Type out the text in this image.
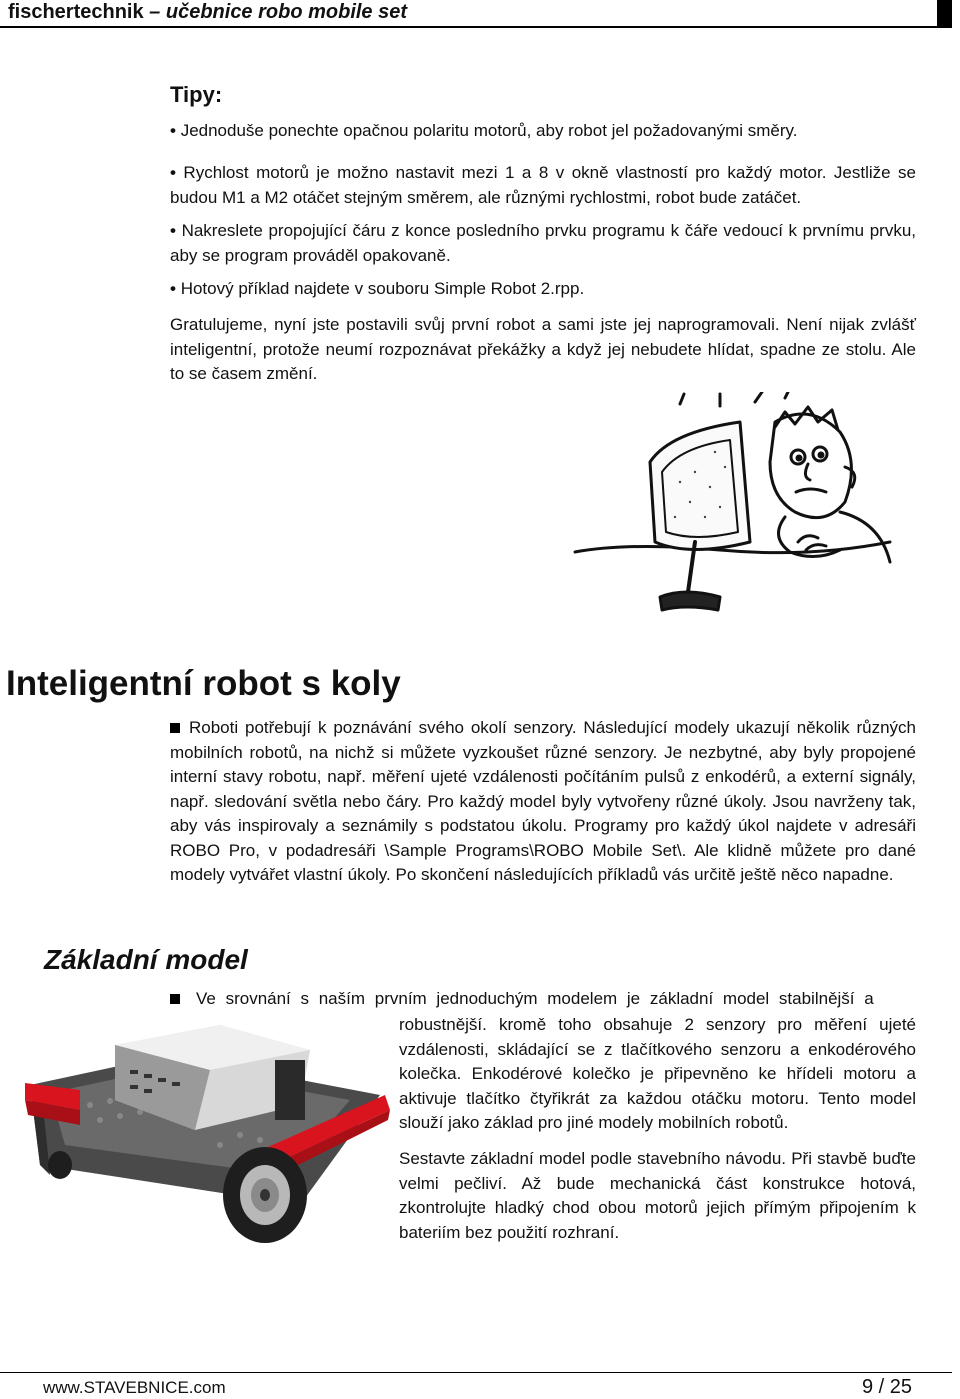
fischertechnik – učebnice robo mobile set
Tipy:
• Jednoduše ponechte opačnou polaritu motorů, aby robot jel požadovanými směry.
• Rychlost motorů je možno nastavit mezi 1 a 8 v okně vlastností pro každý motor. Jestliže se budou M1 a M2 otáčet stejným směrem, ale různými rychlostmi, robot bude zatáčet.
• Nakreslete propojující čáru z konce posledního prvku programu k čáře vedoucí k prvnímu prvku, aby se program prováděl opakovaně.
• Hotový příklad najdete v souboru Simple Robot 2.rpp.
Gratulujeme, nyní jste postavili svůj první robot a sami jste jej naprogramovali. Není nijak zvlášť inteligentní, protože neumí rozpoznávat překážky a když jej nebudete hlídat, spadne ze stolu. Ale to se časem změní.
Inteligentní robot s koly
Roboti potřebují k poznávání svého okolí senzory. Následující modely ukazují několik různých mobilních robotů, na nichž si můžete vyzkoušet různé senzory. Je nezbytné, aby byly propojené interní stavy robotu, např. měření ujeté vzdálenosti počítáním pulsů z enkodérů, a externí signály, např. sledování světla nebo čáry. Pro každý model byly vytvořeny různé úkoly. Jsou navrženy tak, aby vás inspirovaly a seznámily s podstatou úkolu. Programy pro každý úkol najdete v adresáři ROBO Pro, v podadresáři \Sample Programs\ROBO Mobile Set\. Ale klidně můžete pro dané modely vytvářet vlastní úkoly. Po skončení následujících příkladů vás určitě ještě něco napadne.
Základní model
Ve srovnání s naším prvním jednoduchým modelem je základní model stabilnější a
robustnější. kromě toho obsahuje 2 senzory pro měření ujeté vzdálenosti, skládající se z tlačítkového senzoru a enkodérového kolečka. Enkodérové kolečko je připevněno ke hřídeli motoru a aktivuje tlačítko čtyřikrát za každou otáčku motoru. Tento model slouží jako základ pro jiné modely mobilních robotů.
Sestavte základní model podle stavebního návodu. Při stavbě buďte velmi pečliví. Až bude mechanická část konstrukce hotová, zkontrolujte hladký chod obou motorů jejich přímým připojením k bateriím bez použití rozhraní.
www.STAVEBNICE.com	9 / 25
